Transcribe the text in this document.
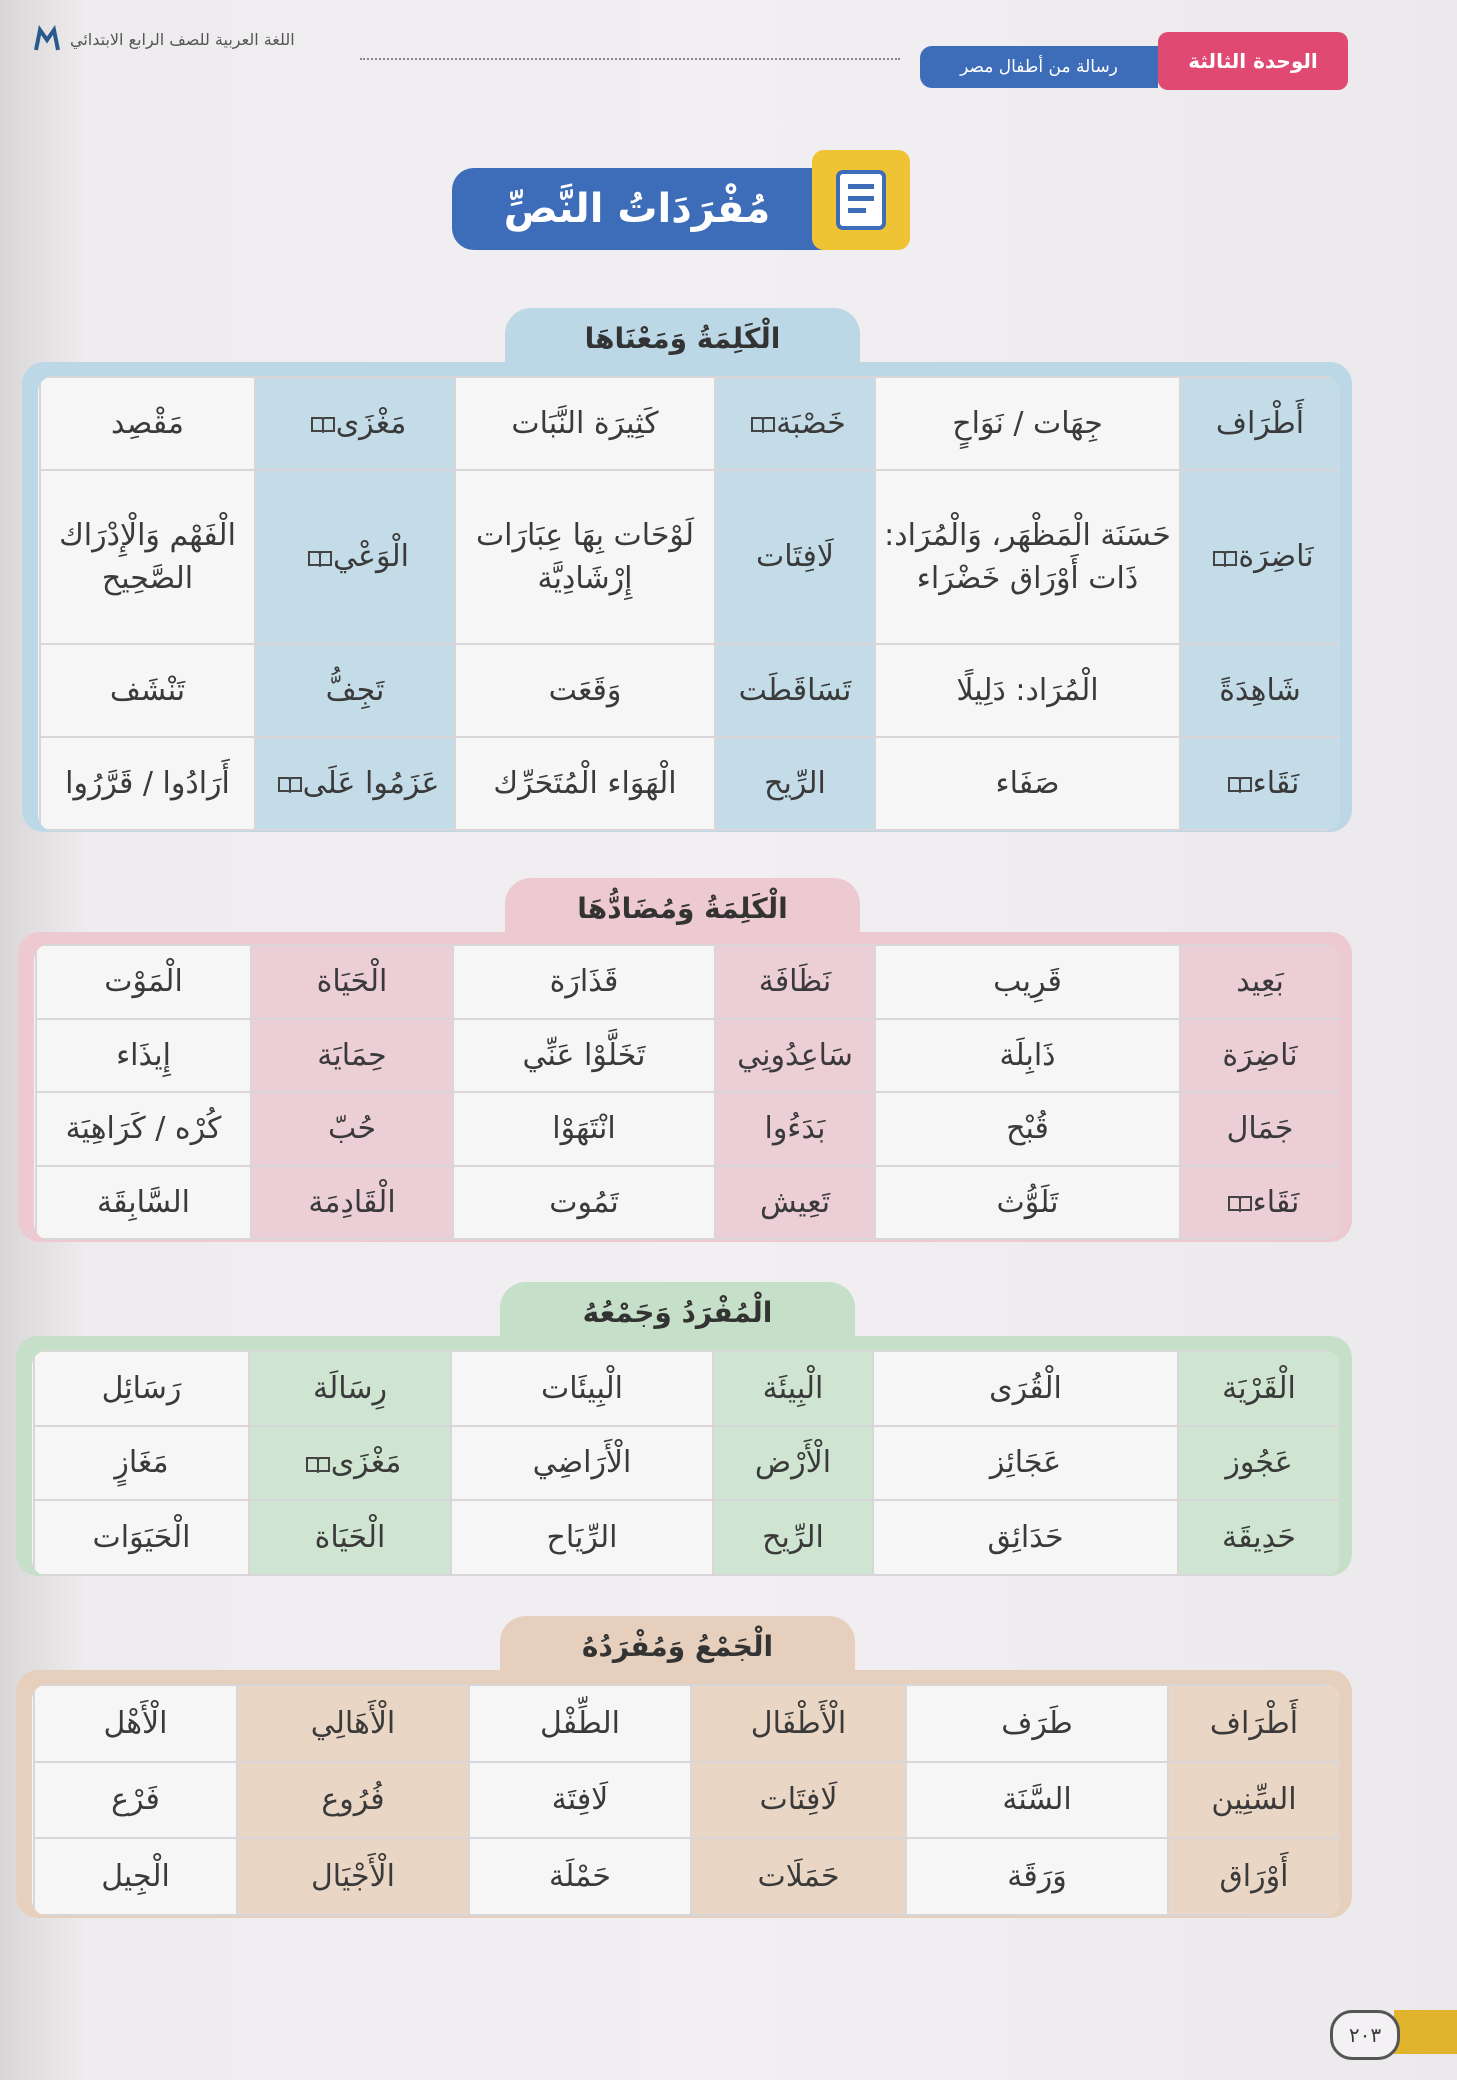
اللغة العربية للصف الرابع الابتدائي
رسالة من أطفال مصر	الوحدة الثالثة
مُفْرَدَاتُ النَّصِّ
الْكَلِمَةُ وَمَعْنَاهَا
أَطْرَاف	جِهَات / نَوَاحٍ	خَصْبَة	كَثِيرَة النَّبَات	مَغْزَى	مَقْصِد
نَاضِرَة	حَسَنَة الْمَظْهَر، وَالْمُرَاد: ذَات أَوْرَاق خَضْرَاء	لَافِتَات	لَوْحَات بِهَا عِبَارَات إِرْشَادِيَّة	الْوَعْي	الْفَهْم وَالْإِدْرَاك الصَّحِيح
شَاهِدَةً	الْمُرَاد: دَلِيلًا	تَسَاقَطَت	وَقَعَت	تَجِفُّ	تَنْشَف
نَقَاء	صَفَاء	الرِّيح	الْهَوَاء الْمُتَحَرِّك	عَزَمُوا عَلَى	أَرَادُوا / قَرَّرُوا
الْكَلِمَةُ وَمُضَادُّهَا
بَعِيد	قَرِيب	نَظَافَة	قَذَارَة	الْحَيَاة	الْمَوْت
نَاضِرَة	ذَابِلَة	سَاعِدُونِي	تَخَلَّوْا عَنِّي	حِمَايَة	إِيذَاء
جَمَال	قُبْح	بَدَءُوا	انْتَهَوْا	حُبّ	كُرْه / كَرَاهِيَة
نَقَاء	تَلَوُّث	تَعِيش	تَمُوت	الْقَادِمَة	السَّابِقَة
الْمُفْرَدُ وَجَمْعُهُ
الْقَرْيَة	الْقُرَى	الْبِيئَة	الْبِيئَات	رِسَالَة	رَسَائِل
عَجُوز	عَجَائِز	الْأَرْض	الْأَرَاضِي	مَغْزَى	مَغَازٍ
حَدِيقَة	حَدَائِق	الرِّيح	الرِّيَاح	الْحَيَاة	الْحَيَوَات
الْجَمْعُ وَمُفْرَدُهُ
أَطْرَاف	طَرَف	الْأَطْفَال	الطِّفْل	الْأَهَالِي	الْأَهْل
السِّنِين	السَّنَة	لَافِتَات	لَافِتَة	فُرُوع	فَرْع
أَوْرَاق	وَرَقَة	حَمَلَات	حَمْلَة	الْأَجْيَال	الْجِيل
٢٠٣
